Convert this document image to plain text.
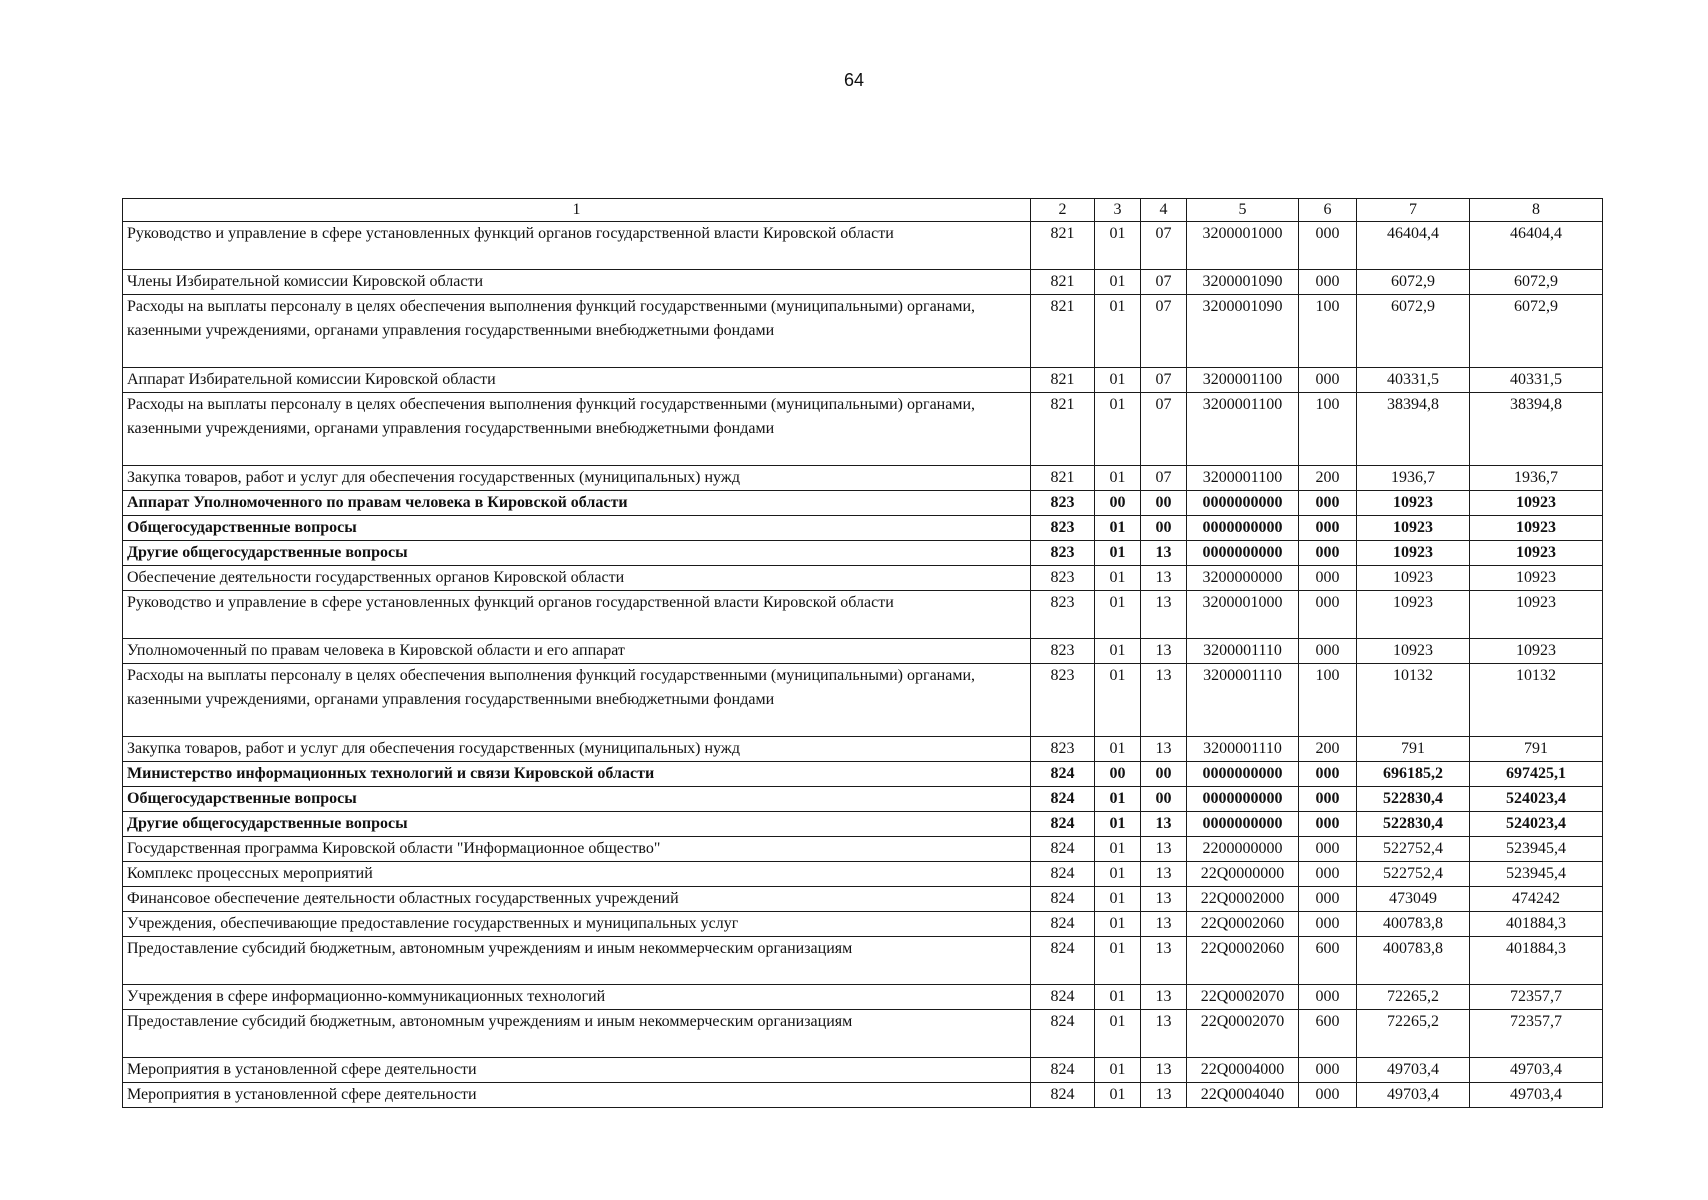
64
1	2	3	4	5	6	7	8
Руководство и управление в сфере установленных функций органов государственной власти Кировской области	821	01	07	3200001000	000	46404,4	46404,4
Члены Избирательной комиссии Кировской области	821	01	07	3200001090	000	6072,9	6072,9
Расходы на выплаты персоналу в целях обеспечения выполнения функций государственными (муниципальными) органами, казенными учреждениями, органами управления государственными внебюджетными фондами	821	01	07	3200001090	100	6072,9	6072,9
Аппарат Избирательной комиссии Кировской области	821	01	07	3200001100	000	40331,5	40331,5
Расходы на выплаты персоналу в целях обеспечения выполнения функций государственными (муниципальными) органами, казенными учреждениями, органами управления государственными внебюджетными фондами	821	01	07	3200001100	100	38394,8	38394,8
Закупка товаров, работ и услуг для обеспечения государственных (муниципальных) нужд	821	01	07	3200001100	200	1936,7	1936,7
Аппарат Уполномоченного по правам человека в Кировской области	823	00	00	0000000000	000	10923	10923
Общегосударственные вопросы	823	01	00	0000000000	000	10923	10923
Другие общегосударственные вопросы	823	01	13	0000000000	000	10923	10923
Обеспечение деятельности государственных органов Кировской области	823	01	13	3200000000	000	10923	10923
Руководство и управление в сфере установленных функций органов государственной власти Кировской области	823	01	13	3200001000	000	10923	10923
Уполномоченный по правам человека в Кировской области и его аппарат	823	01	13	3200001110	000	10923	10923
Расходы на выплаты персоналу в целях обеспечения выполнения функций государственными (муниципальными) органами, казенными учреждениями, органами управления государственными внебюджетными фондами	823	01	13	3200001110	100	10132	10132
Закупка товаров, работ и услуг для обеспечения государственных (муниципальных) нужд	823	01	13	3200001110	200	791	791
Министерство информационных технологий и связи Кировской области	824	00	00	0000000000	000	696185,2	697425,1
Общегосударственные вопросы	824	01	00	0000000000	000	522830,4	524023,4
Другие общегосударственные вопросы	824	01	13	0000000000	000	522830,4	524023,4
Государственная программа Кировской области "Информационное общество"	824	01	13	2200000000	000	522752,4	523945,4
Комплекс процессных мероприятий	824	01	13	22Q0000000	000	522752,4	523945,4
Финансовое обеспечение деятельности областных государственных учреждений	824	01	13	22Q0002000	000	473049	474242
Учреждения, обеспечивающие предоставление государственных и муниципальных услуг	824	01	13	22Q0002060	000	400783,8	401884,3
Предоставление субсидий бюджетным, автономным учреждениям и иным некоммерческим организациям	824	01	13	22Q0002060	600	400783,8	401884,3
Учреждения в сфере информационно-коммуникационных технологий	824	01	13	22Q0002070	000	72265,2	72357,7
Предоставление субсидий бюджетным, автономным учреждениям и иным некоммерческим организациям	824	01	13	22Q0002070	600	72265,2	72357,7
Мероприятия в установленной сфере деятельности	824	01	13	22Q0004000	000	49703,4	49703,4
Мероприятия в установленной сфере деятельности	824	01	13	22Q0004040	000	49703,4	49703,4
